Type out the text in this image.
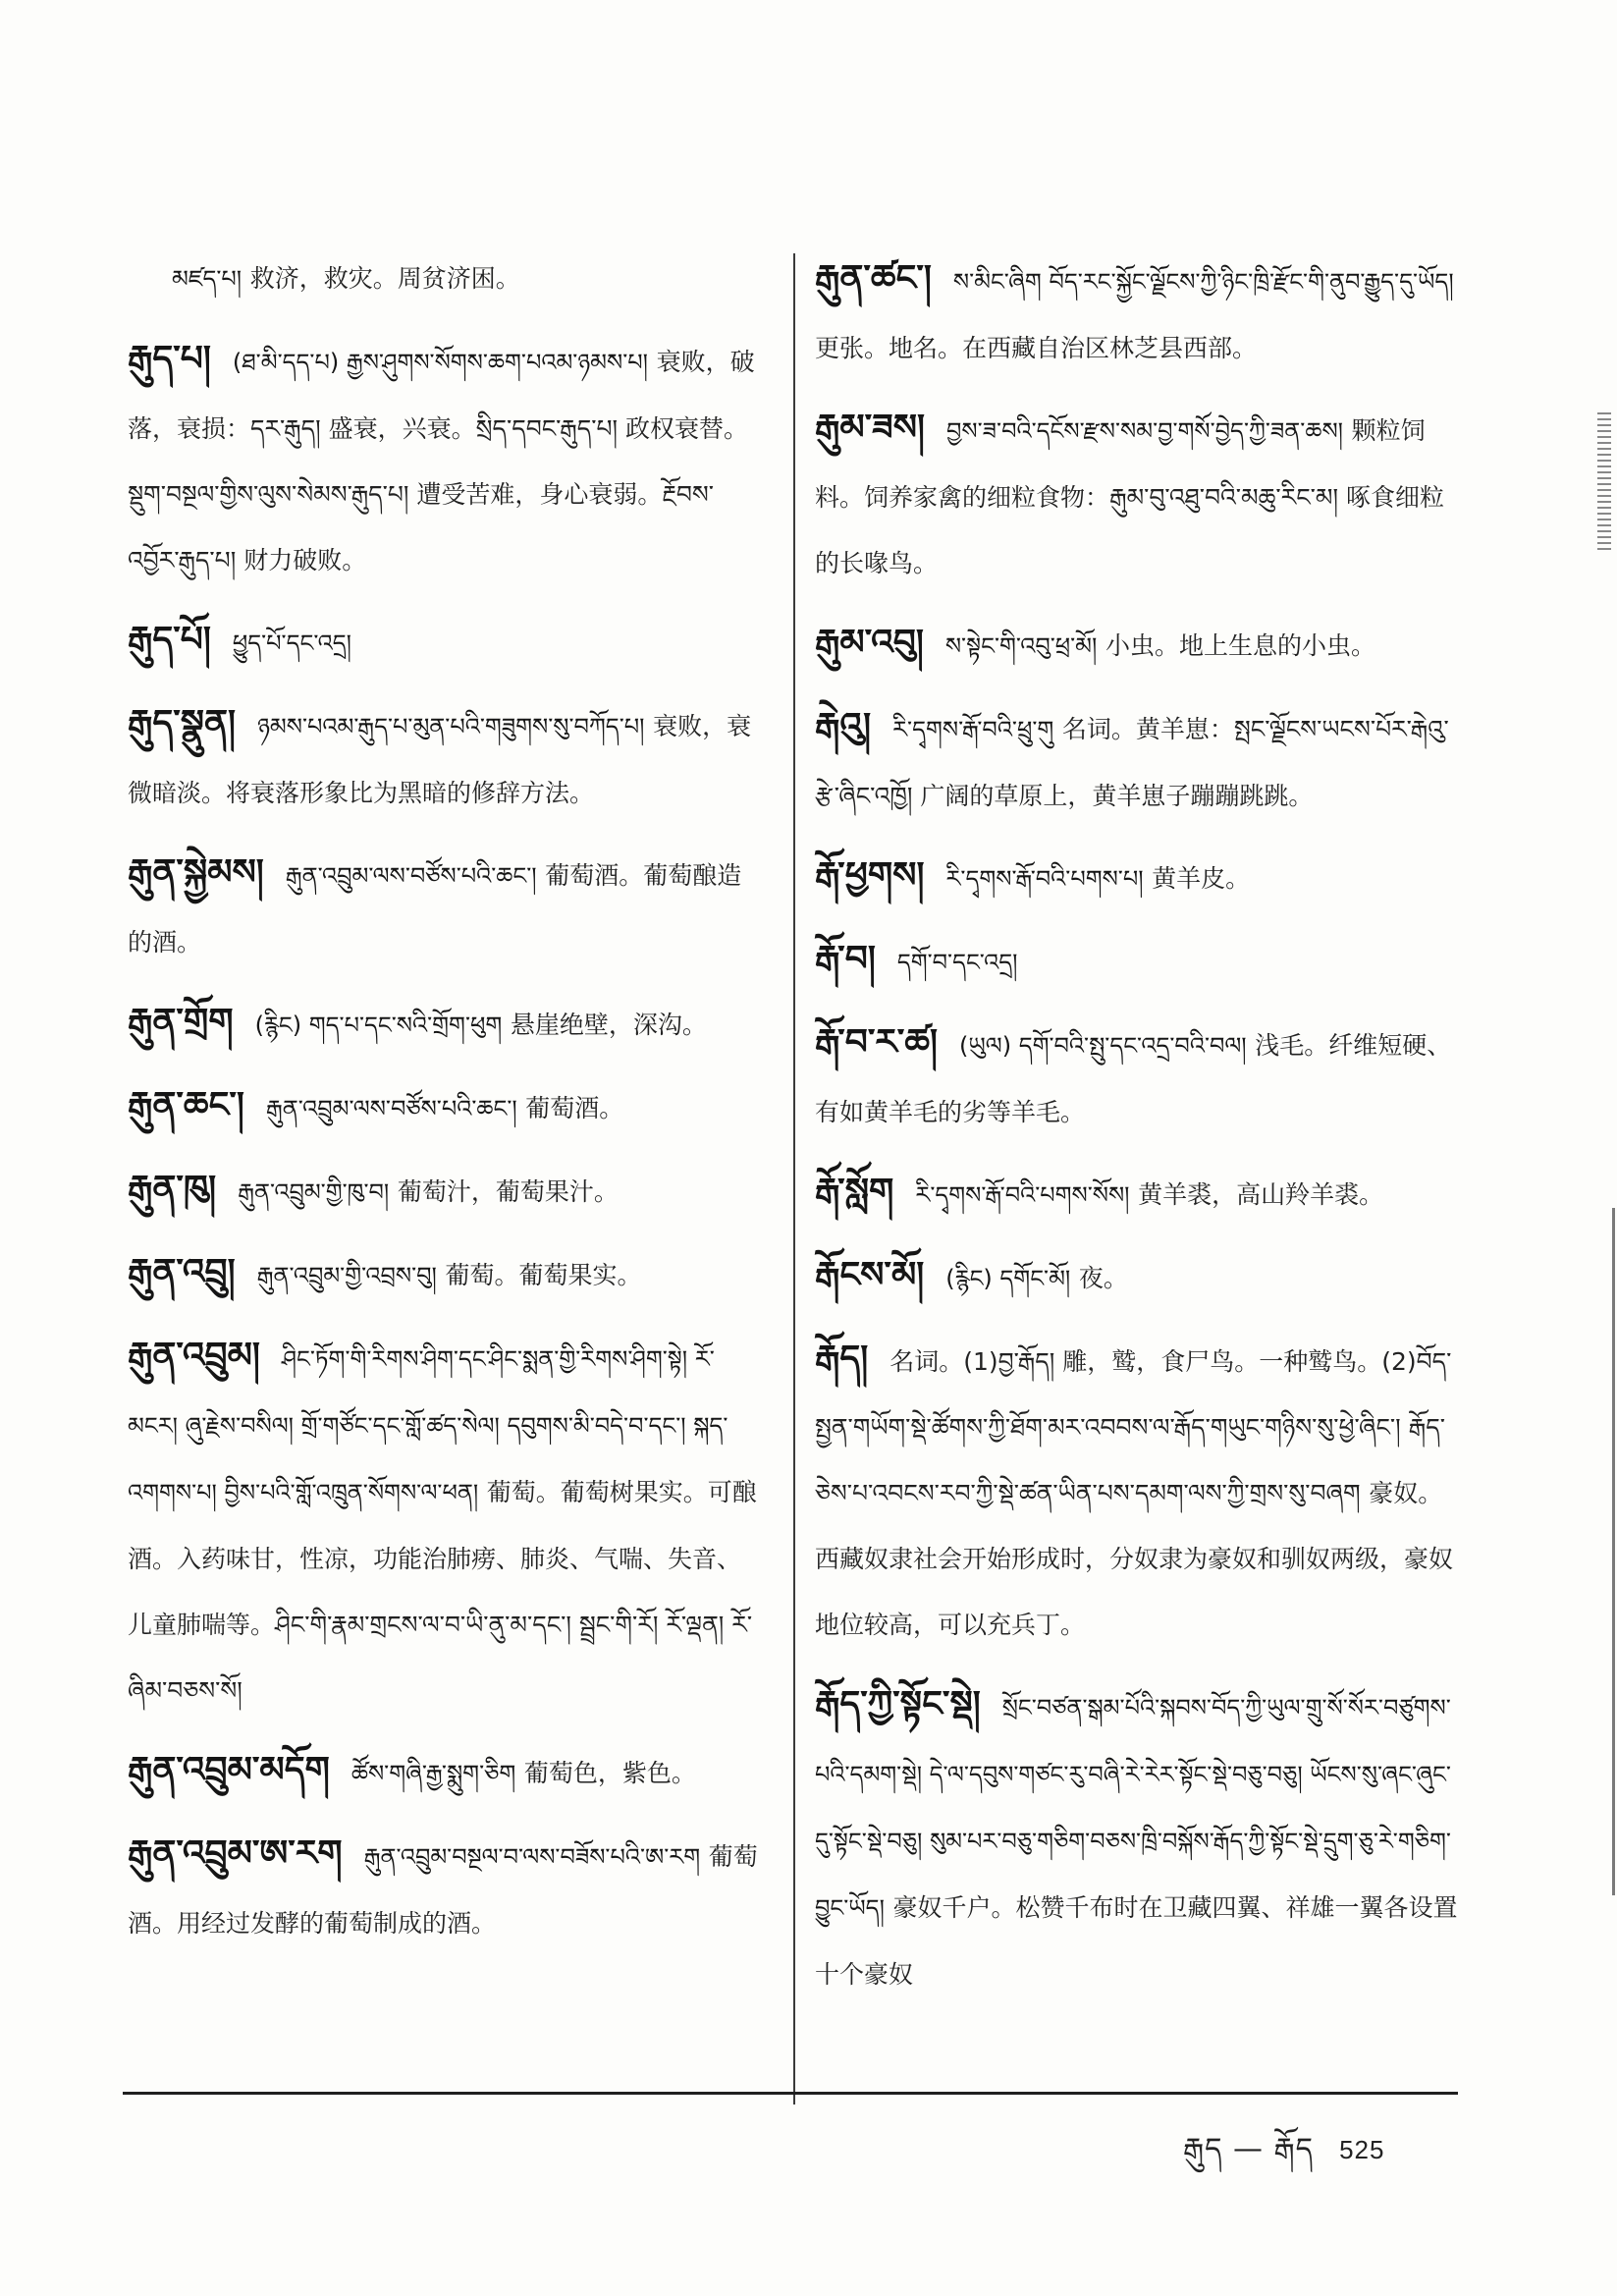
མཛད་པ། 救济，救灾。周贫济困。
རྒུད་པ། (ཐ་མི་དད་པ) རྒྱས་ཤུགས་སོགས་ཆག་པའམ་ཉམས་པ། 衰败，破落，衰损：དར་རྒུད། 盛衰，兴衰。སྲིད་དབང་རྒུད་པ། 政权衰替。སྡུག་བསྔལ་གྱིས་ལུས་སེམས་རྒུད་པ། 遭受苦难，身心衰弱。རྔོབས་འབྱོར་རྒུད་པ། 财力破败。
རྒུད་པོ། ཕྱུད་པོ་དང་འདྲ།
རྒུད་སྣུན། ཉམས་པའམ་རྒུད་པ་མུན་པའི་གཟུགས་སུ་བཀོད་པ། 衰败，衰微暗淡。将衰落形象比为黑暗的修辞方法。
རྒུན་སྐྱེམས། རྒུན་འབྲུམ་ལས་བཙོས་པའི་ཆང་། 葡萄酒。葡萄酿造的酒。
རྒུན་གྲོག (རྙིང) གད་པ་དང་སའི་གྲོག་ཕུག 悬崖绝壁，深沟。
རྒུན་ཆང་། རྒུན་འབྲུམ་ལས་བཙོས་པའི་ཆང་། 葡萄酒。
རྒུན་ཁུ། རྒུན་འབྲུམ་གྱི་ཁུ་བ། 葡萄汁，葡萄果汁。
རྒུན་འབྲུ། རྒུན་འབྲུམ་གྱི་འབྲས་བུ། 葡萄。葡萄果实。
རྒུན་འབྲུམ། ཤིང་ཏོག་གི་རིགས་ཤིག་དང་ཤིང་སྨན་གྱི་རིགས་ཤིག་སྟེ། རོ་མངར། ཞུ་རྗེས་བསིལ། གྲོ་གཙོང་དང་གློ་ཚད་སེལ། དབུགས་མི་བདེ་བ་དང་། སྐད་འགགས་པ། བྱིས་པའི་གློ་འཁྲུན་སོགས་ལ་ཕན། 葡萄。葡萄树果实。可酿酒。入药味甘，性凉，功能治肺痨、肺炎、气喘、失音、儿童肺喘等。ཤིང་གི་རྣམ་གྲངས་ལ་བ་ཡི་ནུ་མ་དང་། སྦྲང་གི་རོ། རོ་ལྡན། རོ་ཞིམ་བཅས་སོ།
རྒུན་འབྲུམ་མདོག ཚོས་གཞི་རྒྱ་སྨུག་ཅིག 葡萄色，紫色。
རྒུན་འབྲུམ་ཨ་རག རྒུན་འབྲུམ་བསྔལ་བ་ལས་བཟོས་པའི་ཨ་རག 葡萄酒。用经过发酵的葡萄制成的酒。
རྒུན་ཚང་། ས་མིང་ཞིག བོད་རང་སྐྱོང་ལྗོངས་ཀྱི་ཉིང་ཁྲི་རྫོང་གི་ནུབ་རྒྱུད་དུ་ཡོད། 更张。地名。在西藏自治区林芝县西部。
རྒུམ་ཟས། བྱས་ཟ་བའི་དངོས་རྫས་སམ་བྱ་གསོ་བྱེད་ཀྱི་ཟན་ཆས། 颗粒饲料。饲养家禽的细粒食物：རྒུམ་བུ་འཐུ་བའི་མཆུ་རིང་མ། 啄食细粒的长喙鸟。
རྒུམ་འབུ། ས་སྟེང་གི་འབུ་ཕྲ་མོ། 小虫。地上生息的小虫。
རྒེའུ། རི་དྭགས་རྒོ་བའི་ཕྲུ་གུ 名词。黄羊崽：སྤང་ལྗོངས་ཡངས་པོར་རྒེའུ་རྩེ་ཞིང་འཁྱོ། 广阔的草原上，黄羊崽子蹦蹦跳跳。
རྒོ་ཕྱགས། རི་དྭགས་རྒོ་བའི་པགས་པ། 黄羊皮。
རྒོ་བ། དགོ་བ་དང་འདྲ།
རྒོ་བ་ར་ཚ། (ཡུལ) དགོ་བའི་སྤུ་དང་འདྲ་བའི་བལ། 浅毛。纤维短硬、有如黄羊毛的劣等羊毛。
རྒོ་སློག རི་དྭགས་རྒོ་བའི་པགས་སོས། 黄羊裘，高山羚羊裘。
རྒོངས་མོ། (རྙིང) དགོང་མོ། 夜。
རྒོད། 名词。(1)བྱ་རྒོད། 雕，鹫，食尸鸟。一种鹫鸟。(2)བོད་སྤྱན་གཡོག་སྡེ་ཚོགས་ཀྱི་ཐོག་མར་འབབས་ལ་རྒོད་གཡུང་གཉིས་སུ་ཕྱེ་ཞིང་། རྒོད་ཅེས་པ་འབངས་རབ་ཀྱི་སྡེ་ཚན་ཡིན་པས་དམག་ལས་ཀྱི་གྲས་སུ་བཞག 豪奴。西藏奴隶社会开始形成时，分奴隶为豪奴和驯奴两级，豪奴地位较高，可以充兵丁。
རྒོད་ཀྱི་སྟོང་སྡེ། སྲོང་བཙན་སྒམ་པོའི་སྐབས་བོད་ཀྱི་ཡུལ་གྲུ་སོ་སོར་བཙུགས་པའི་དམག་སྡེ། དེ་ལ་དབུས་གཙང་རུ་བཞི་རེ་རེར་སྟོང་སྡེ་བཅུ་བཅུ། ཡོངས་སུ་ཞང་ཞུང་དུ་སྟོང་སྡེ་བཅུ། སུམ་པར་བཅུ་གཅིག་བཅས་ཁྲི་བསྐོས་རྒོད་ཀྱི་སྟོང་སྡེ་དྲུག་ཅུ་རེ་གཅིག་བྱུང་ཡོད། 豪奴千户。松赞千布时在卫藏四翼、祥雄一翼各设置十个豪奴
རྒུད — རྒོད 525
